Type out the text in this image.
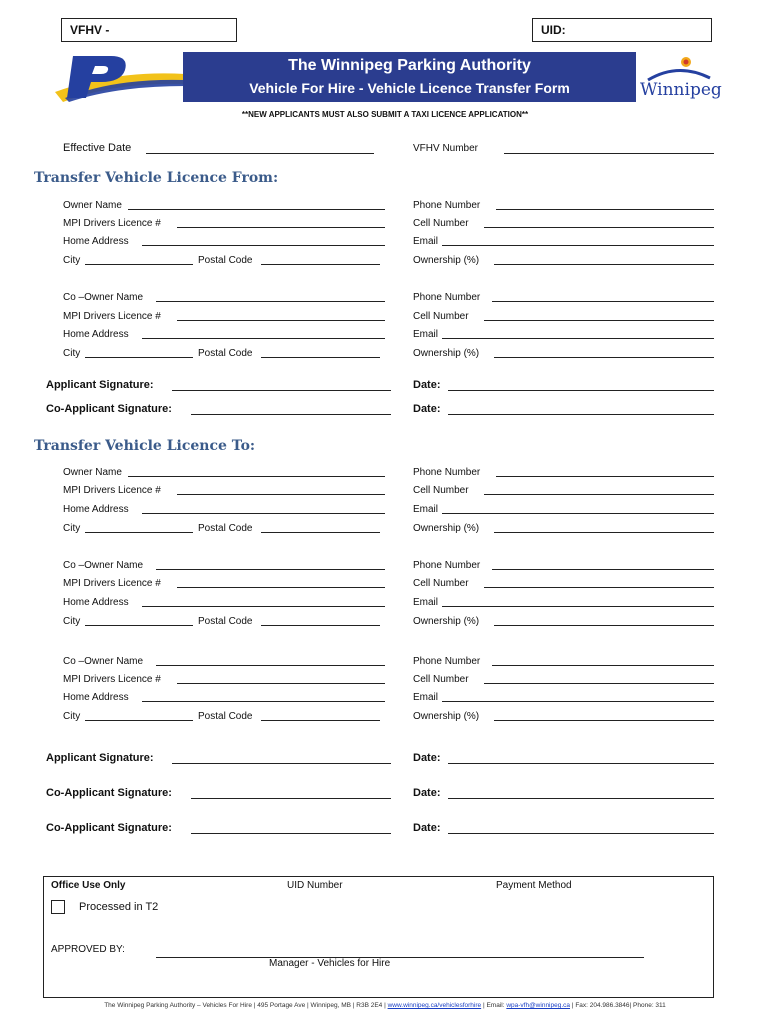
VFHV -	UID:
The Winnipeg Parking Authority
Vehicle For Hire - Vehicle Licence Transfer Form	Winnipeg
**NEW APPLICANTS MUST ALSO SUBMIT A TAXI LICENCE APPLICATION**
Effective Date	VFHV Number
Transfer Vehicle Licence From:
Owner Name	Phone Number
MPI Drivers Licence #	Cell Number
Home Address	Email
City	Postal Code	Ownership (%)
Co –Owner Name	Phone Number
MPI Drivers Licence #	Cell Number
Home Address	Email
City	Postal Code	Ownership (%)
Applicant Signature:	Date:
Co-Applicant Signature:	Date:
Transfer Vehicle Licence To:
Owner Name	Phone Number
MPI Drivers Licence #	Cell Number
Home Address	Email
City	Postal Code	Ownership (%)
Co –Owner Name	Phone Number
MPI Drivers Licence #	Cell Number
Home Address	Email
City	Postal Code	Ownership (%)
Co –Owner Name	Phone Number
MPI Drivers Licence #	Cell Number
Home Address	Email
City	Postal Code	Ownership (%)
Applicant Signature:	Date:
Co-Applicant Signature:	Date:
Co-Applicant Signature:	Date:
Office Use Only	UID Number	Payment Method
Processed in T2
APPROVED BY:
Manager - Vehicles for Hire
The Winnipeg Parking Authority – Vehicles For Hire | 495 Portage Ave | Winnipeg, MB | R3B 2E4 | www.winnipeg.ca/vehiclesforhire | Email: wpa-vfh@winnipeg.ca | Fax: 204.986.3846| Phone: 311
